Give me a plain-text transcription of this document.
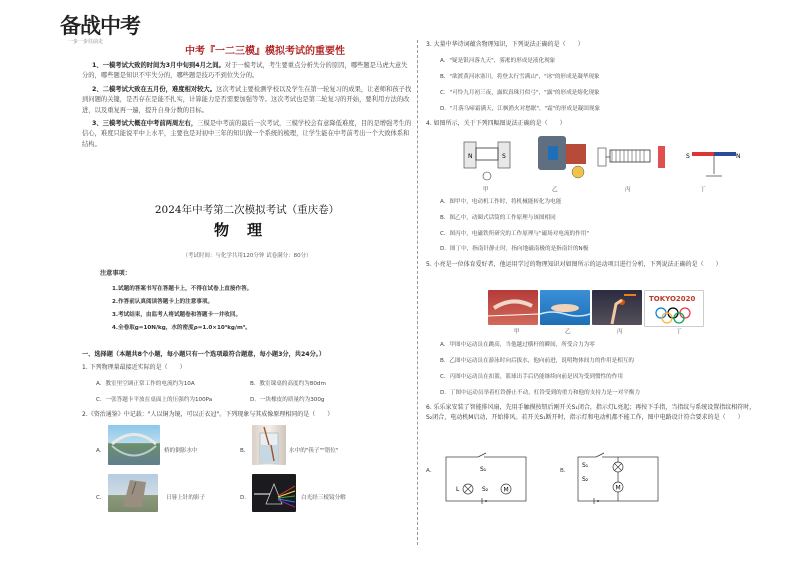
备战中考
一步一步往前走
中考『一二三模』模拟考试的重要性

1、一模考试大致的时间为3月中旬到4月之间。对于一模考试，考生要重点分析失分的原因，哪些题是马虎大意失分的，哪些题是知识不牢失分的，哪些题是技巧不到位失分的。

2、二模考试大致在五月份，难度相对较大。这次考试主要检测学校以及学生在第一轮复习的成果，让老师和孩子找到问题的关键，是否存在是能不扎实，计算能力是否需要加强等等。这次考试也是第二轮复习的开始，要利用方法的改进，以及重复再一遍，提升自身分数的目标。

3、三模考试大概在中考前两周左右，三模是中考前的最后一次考试，三模学校会有意降低难度，目的是增强考生的信心，难度只能说平中上水平，主要也是对初中三年的知识做一个系统的梳理，让学生能在中考前考出一个大致体系和结构。

2024年中考第二次模拟考试（重庆卷）
物理
（考试时间：与化学共用120分钟 试卷满分：80分）
注意事项：
1.试题的答案书写在答题卡上，不得在试卷上直接作答。
2.作答前认真阅读答题卡上的注意事项。
3.考试结束，由监考人将试题卷和答题卡一并收回。
4.全卷取g=10N/kg，水的密度ρ=1.0×10³kg/m³。
一、选择题（本题共8个小题，每小题只有一个选项最符合题意，每小题3分，共24分。）
1. 下列物理量最接近实际的是（　　）
A．教室里空调正常工作的电流约为10A	B．教室课桌的高度约为80dm
C．一张答题卡平放在桌面上的压强约为100Pa	D．一块橡皮的质量约为300g
2.《资治通鉴》中记载："人以铜为镜，可以正衣冠"。下列现象与其成像原理相同的是（　　）
A．	桥的倒影水中	B．	水中的"筷子""错位"
C．	日晷上针的影子	D．	白光经三棱镜分解
3. 大量中华诗词蕴含物理知识，下列说法正确的是（　　）
A．"疑是银河落九天"，雾凇的形成是液化现象
B．"欲渡黄河冰塞川，将登太行雪满山"，"冰"的形成是凝华现象
C．"可怜九月初三夜，露似真珠月似弓"，"露"的形成是熔化现象
D．"月落乌啼霜满天，江枫渔火对愁眠"，"霜"的形成是凝固现象
4. 如图所示，关于下列四幅图说法正确的是（　　）
N	S	S	N
甲	乙	丙	丁
A．图甲中，电动机工作时，将机械能转化为电能
B．图乙中，动圈式话筒的工作原理与该图相同
C．图丙中，电磁铁所研究的工作原理与"磁场对电流的作用"
D．图丁中，指南针静止时，指向地磁南极的是指南针的N极
5. 小亮是一位体育爱好者，他运用学过的物理知识对如图所示的运动项目进行分析，下列说法正确的是（　　）
TOKYO2020
甲	乙	丙	丁
A．甲图中运动员在跳高，当他越过横杆的瞬间，所受合力为零
B．乙图中运动员在游泳时向后拔水，他向前进，说明物体间力的作用是相互的
C．丙图中运动员在扣篮，篮球出手后仍能继续向前是因为受到惯性的作用
D．丁图中运动员举着杠铃静止不动，杠铃受到的重力和他的支持力是一对平衡力
6. 乐乐家安装了智能排风扇，先用手触摸按钮后刚开关S₁闭合，指示灯L亮起；再按下手指，当指纹与系统设置指纹相符时，S₂闭合，电动机M启动，开始排风。若开关S₁断开时，指示灯和电动机都不能工作，图中电路设计符合要求的是（　　）
A．	S₁
L	S₂	M
B．
S₁
S₂
M
